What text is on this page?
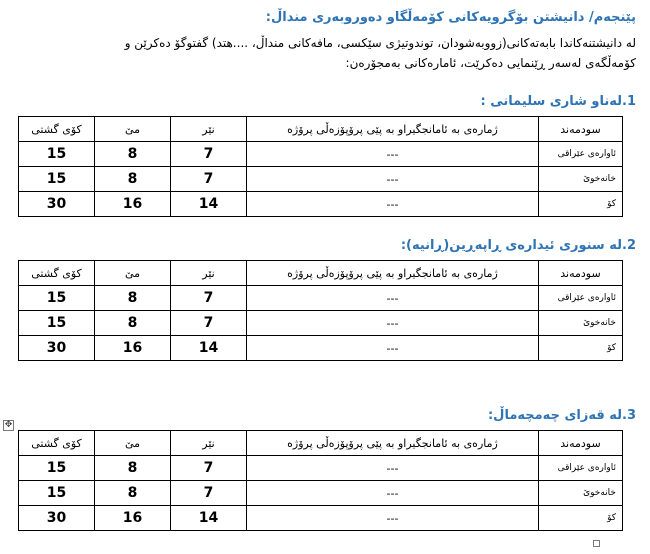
پێنجەم/ دانیشتن بۆگرویەکانی کۆمەڵگاو دەوروبەری منداڵ:
لە دانیشتنەکاندا بابەتەکانی(زووبەشودان، توندوتیژی سێکسی، مافەکانی منداڵ، ....هتد) گفتوگۆ دەکرێن و
کۆمەڵگەی لەسەر ڕێنمایی دەکرێت، ئامارەکانی بەمجۆرەن:
1.لەناو شاری سلیمانی :
سودمەند	ژمارەی بە ئامانجگیراو بە پێی پرۆپۆزەڵی پرۆژە	نێر	مێ	کۆی گشتی
ئاوارەی عێراقی	---	7	8	15
خانەخوێ	---	7	8	15
کۆ	---	14	16	30
2.لە سنوری ئیدارەی ڕاپەڕین(ڕانیە):
سودمەند	ژمارەی بە ئامانجگیراو بە پێی پرۆپۆزەڵی پرۆژە	نێر	مێ	کۆی گشتی
ئاوارەی عێراقی	---	7	8	15
خانەخوێ	---	7	8	15
کۆ	---	14	16	30
✥
3.لە قەزای چەمچەماڵ:
سودمەند	ژمارەی بە ئامانجگیراو بە پێی پرۆپۆزەڵی پرۆژە	نێر	مێ	کۆی گشتی
ئاوارەی عێراقی	---	7	8	15
خانەخوێ	---	7	8	15
کۆ	---	14	16	30
